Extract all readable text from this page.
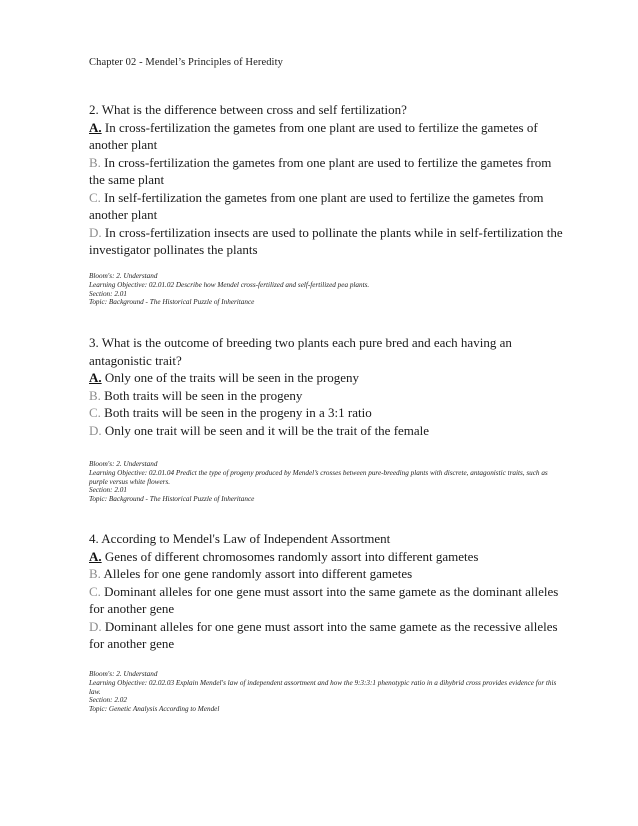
Chapter 02 - Mendel’s Principles of Heredity

2. What is the difference between cross and self fertilization?

A. In cross-fertilization the gametes from one plant are used to fertilize the gametes of another plant

B. In cross-fertilization the gametes from one plant are used to fertilize the gametes from the same plant

C. In self-fertilization the gametes from one plant are used to fertilize the gametes from another plant

D. In cross-fertilization insects are used to pollinate the plants while in self-fertilization the investigator pollinates the plants

Bloom's: 2. Understand
Learning Objective: 02.01.02 Describe how Mendel cross-fertilized and self-fertilized pea plants.
Section: 2.01
Topic: Background - The Historical Puzzle of Inheritance

3. What is the outcome of breeding two plants each pure bred and each having an antagonistic trait?

A. Only one of the traits will be seen in the progeny

B. Both traits will be seen in the progeny

C. Both traits will be seen in the progeny in a 3:1 ratio

D. Only one trait will be seen and it will be the trait of the female

Bloom's: 2. Understand
Learning Objective: 02.01.04 Predict the type of progeny produced by Mendel’s crosses between pure-breeding plants with discrete, antagonistic traits, such as purple versus white flowers.
Section: 2.01
Topic: Background - The Historical Puzzle of Inheritance

4. According to Mendel's Law of Independent Assortment

A. Genes of different chromosomes randomly assort into different gametes

B. Alleles for one gene randomly assort into different gametes

C. Dominant alleles for one gene must assort into the same gamete as the dominant alleles for another gene

D. Dominant alleles for one gene must assort into the same gamete as the recessive alleles for another gene

Bloom's: 2. Understand
Learning Objective: 02.02.03 Explain Mendel's law of independent assortment and how the 9:3:3:1 phenotypic ratio in a dihybrid cross provides evidence for this law.
Section: 2.02
Topic: Genetic Analysis According to Mendel
